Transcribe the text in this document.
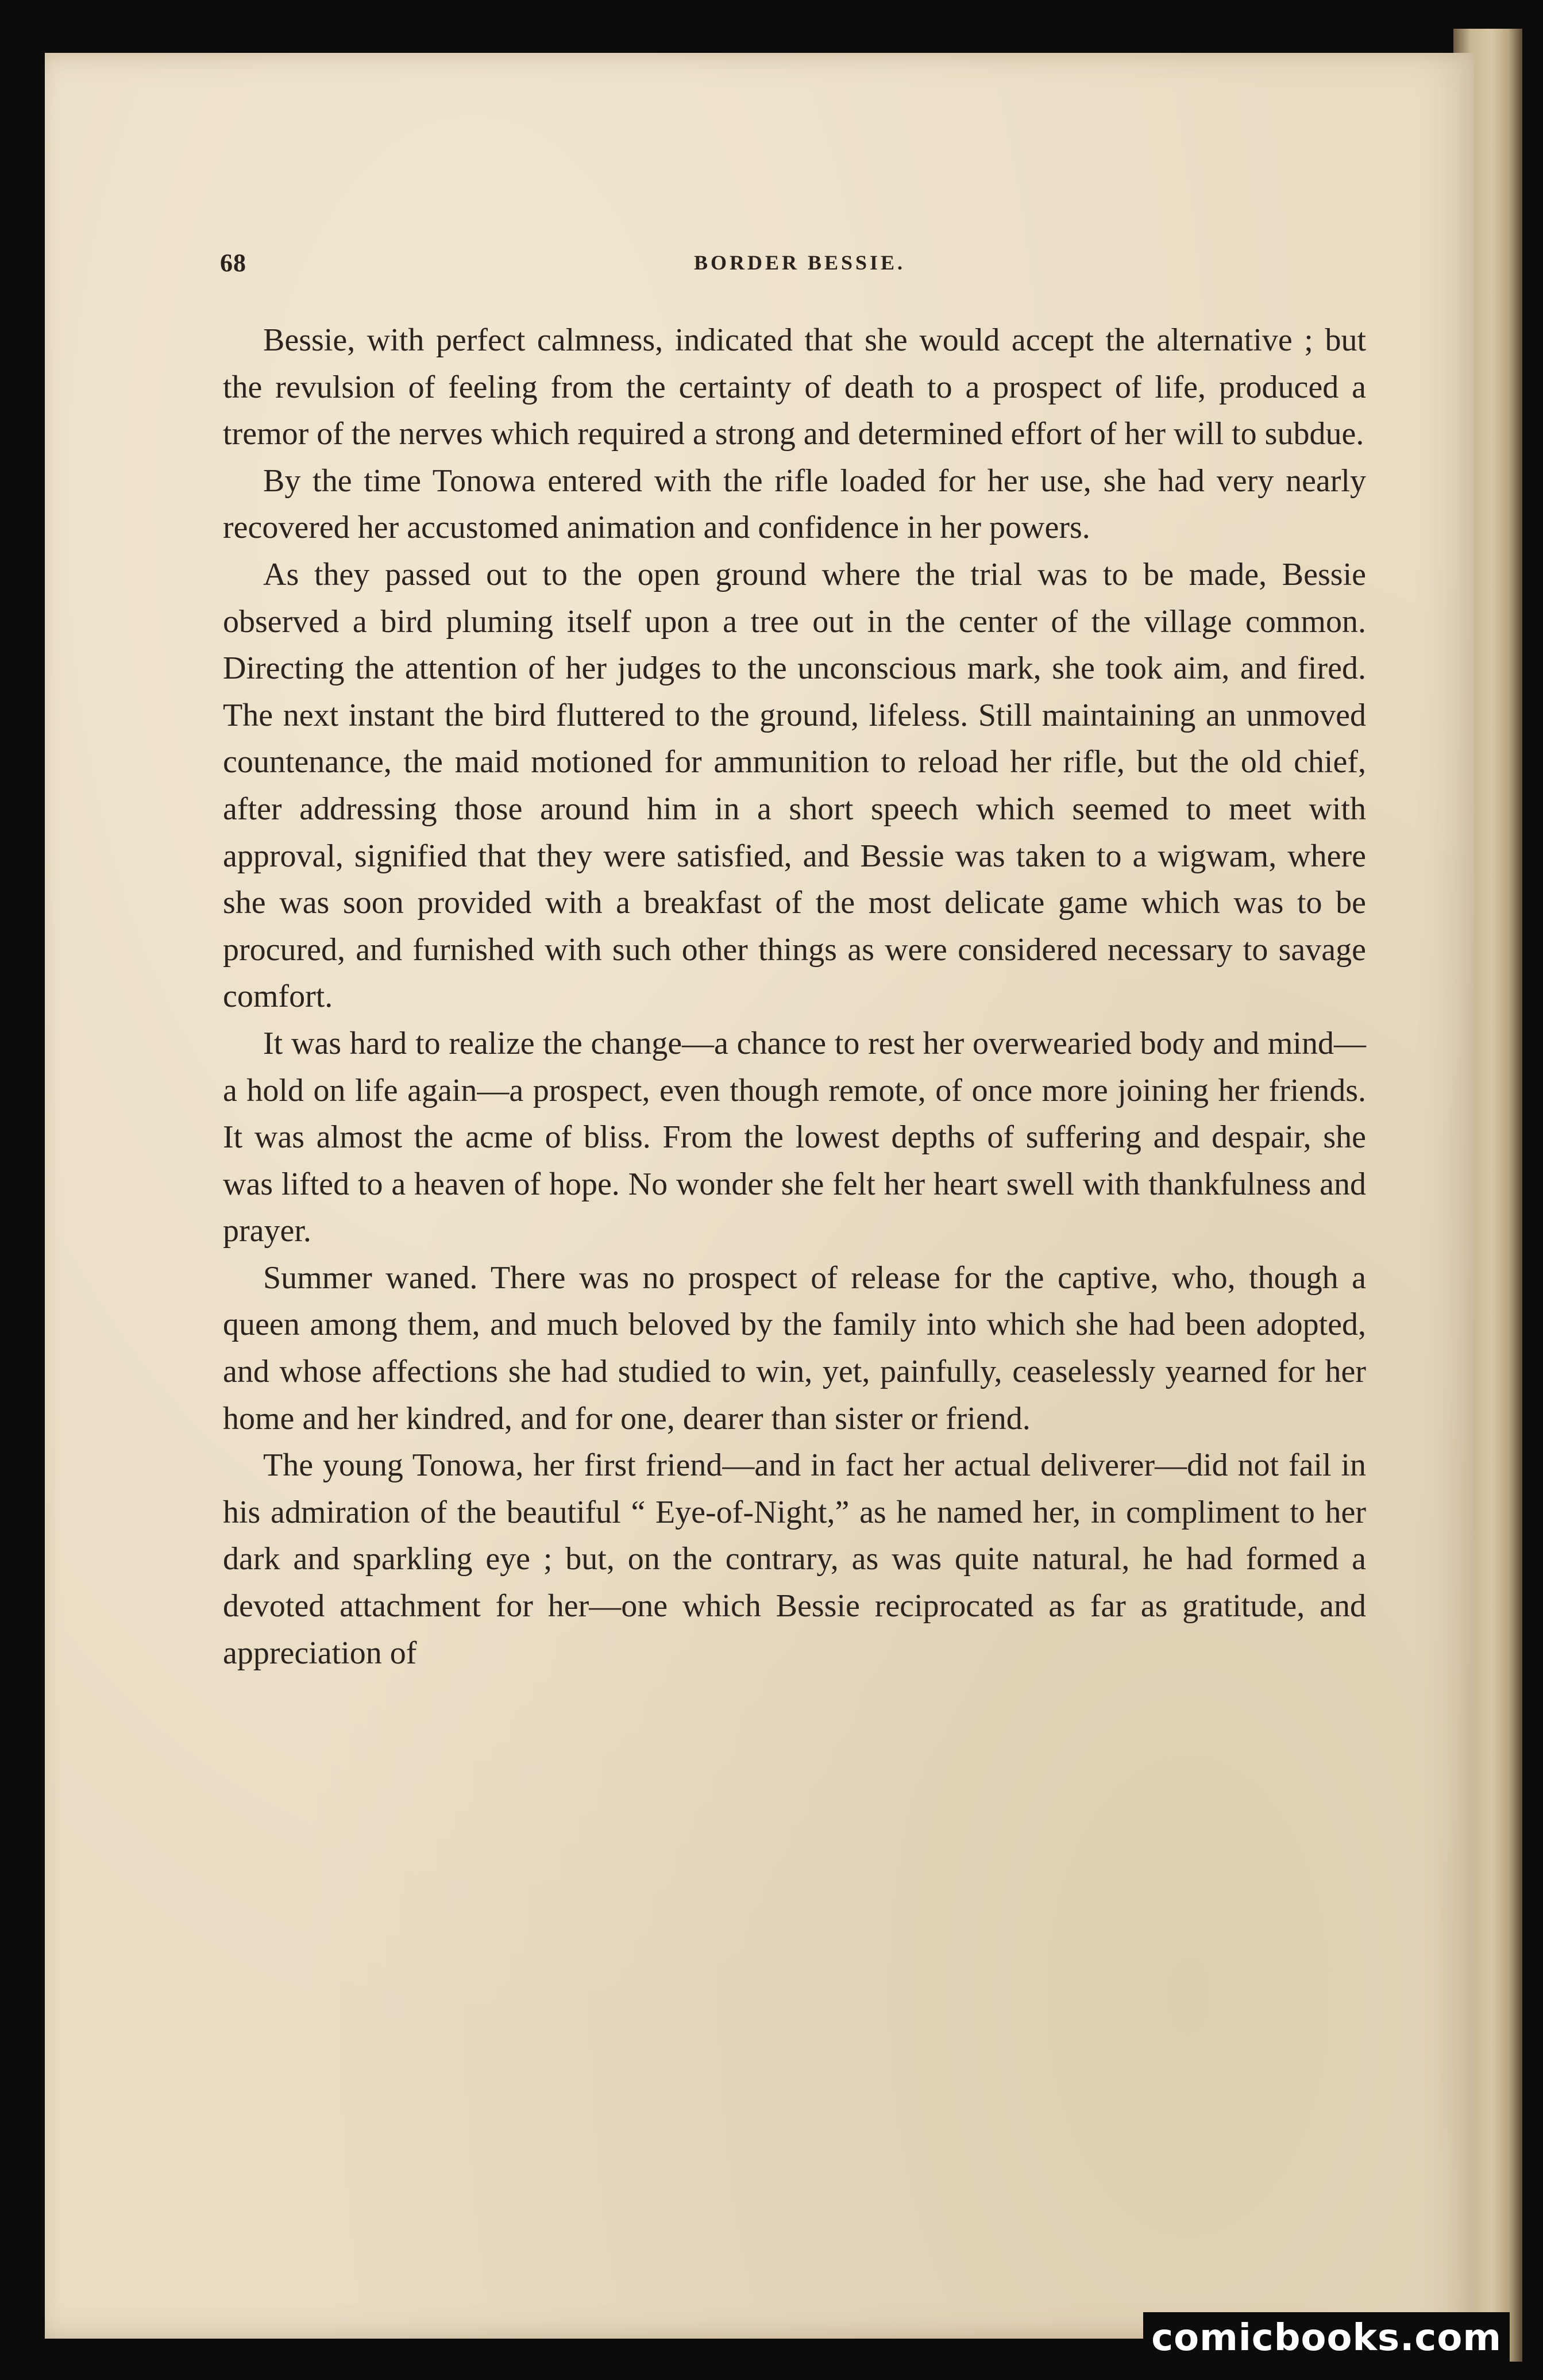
68	BORDER BESSIE.

Bessie, with perfect calmness, indicated that she would accept the alternative ; but the revulsion of feeling from the certainty of death to a prospect of life, produced a tremor of the nerves which required a strong and determined effort of her will to subdue.

By the time Tonowa entered with the rifle loaded for her use, she had very nearly recovered her accustomed animation and confidence in her powers.

As they passed out to the open ground where the trial was to be made, Bessie observed a bird pluming itself upon a tree out in the center of the village common. Directing the attention of her judges to the unconscious mark, she took aim, and fired. The next instant the bird fluttered to the ground, lifeless. Still maintaining an unmoved countenance, the maid motioned for ammunition to reload her rifle, but the old chief, after addressing those around him in a short speech which seemed to meet with approval, signified that they were satisfied, and Bessie was taken to a wigwam, where she was soon provided with a breakfast of the most delicate game which was to be procured, and furnished with such other things as were considered necessary to savage comfort.

It was hard to realize the change—a chance to rest her overwearied body and mind—a hold on life again—a prospect, even though remote, of once more joining her friends. It was almost the acme of bliss. From the lowest depths of suffering and despair, she was lifted to a heaven of hope. No wonder she felt her heart swell with thankfulness and prayer.

Summer waned. There was no prospect of release for the captive, who, though a queen among them, and much beloved by the family into which she had been adopted, and whose affections she had studied to win, yet, painfully, ceaselessly yearned for her home and her kindred, and for one, dearer than sister or friend.

The young Tonowa, her first friend—and in fact her actual deliverer—did not fail in his admiration of the beautiful “ Eye-of-Night,” as he named her, in compliment to her dark and sparkling eye ; but, on the contrary, as was quite natural, he had formed a devoted attachment for her—one which Bessie reciprocated as far as gratitude, and appreciation of

comicbooks.com
